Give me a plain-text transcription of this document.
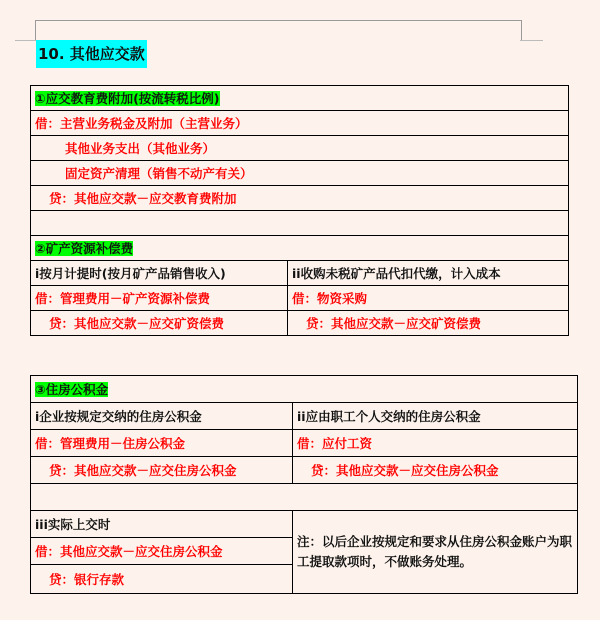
10. 其他应交款
①应交教育费附加(按流转税比例)	
借：主营业务税金及附加（主营业务）	
其他业务支出（其他业务）	
固定资产清理（销售不动产有关）	
贷：其他应交款－应交教育费附加	

②矿产资源补偿费	
ⅰ按月计提时(按月矿产品销售收入)	ⅰⅰ收购未税矿产品代扣代缴，计入成本
借：管理费用－矿产资源补偿费	借：物资采购
贷：其他应交款－应交矿资偿费	贷：其他应交款－应交矿资偿费
③住房公积金	
ⅰ企业按规定交纳的住房公积金	ⅰⅰ应由职工个人交纳的住房公积金
借：管理费用－住房公积金	借：应付工资
贷：其他应交款－应交住房公积金	贷：其他应交款－应交住房公积金

ⅰⅰⅰ实际上交时	注：以后企业按规定和要求从住房公积金账户为职工提取款项时，不做账务处理。
借：其他应交款－应交住房公积金	
贷：银行存款	
